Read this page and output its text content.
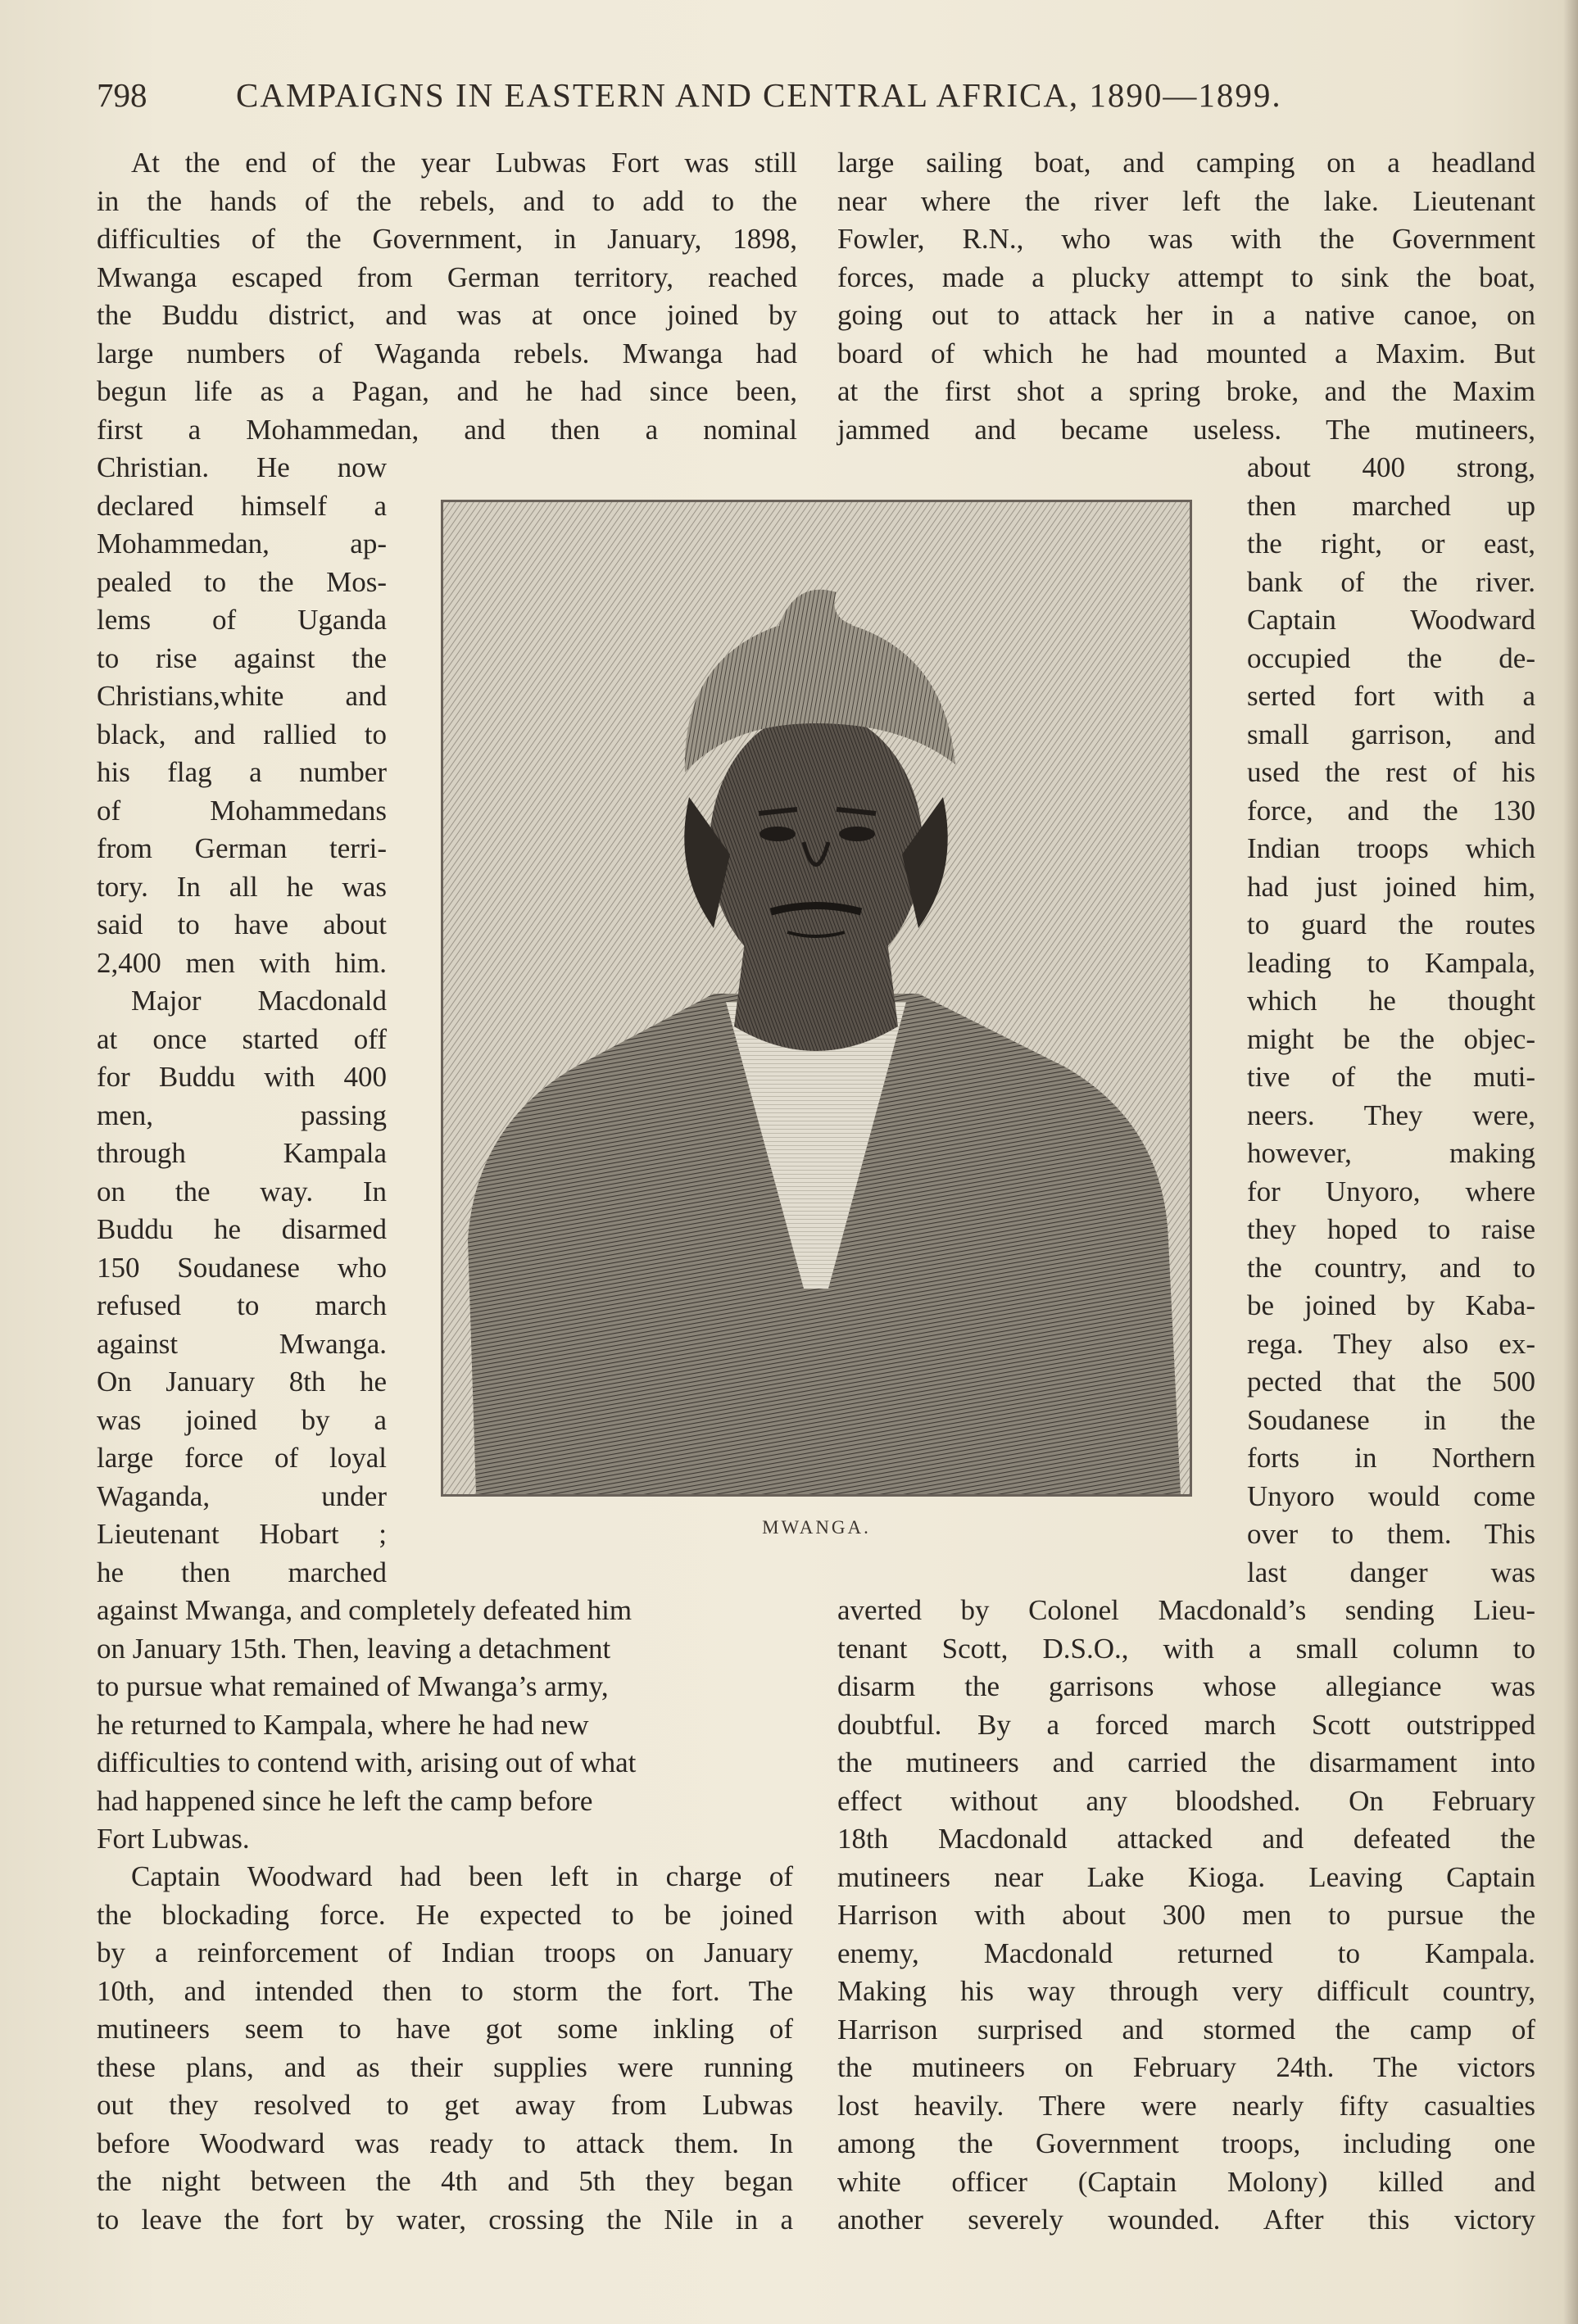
798	CAMPAIGNS IN EASTERN AND CENTRAL AFRICA, 1890—1899.

At the end of the year Lubwas Fort was still
in the hands of the rebels, and to add to the
difficulties of the Government, in January, 1898,
Mwanga escaped from German territory, reached
the Buddu district, and was at once joined by
large numbers of Waganda rebels. Mwanga had
begun life as a Pagan, and he had since been,
first a Mohammedan, and then a nominal

Christian. He now
declared himself a
Mohammedan, ap-
pealed to the Mos-
lems of Uganda
to rise against the
Christians,white and
black, and rallied to
his flag a number
of Mohammedans
from German terri-
tory. In all he was
said to have about
2,400 men with him.

Major Macdonald
at once started off
for Buddu with 400
men, passing
through Kampala
on the way. In
Buddu he disarmed
150 Soudanese who
refused to march
against Mwanga.
On January 8th he
was joined by a
large force of loyal
Waganda, under
Lieutenant Hobart ;
he then marched

against Mwanga, and completely defeated him
on January 15th. Then, leaving a detachment
to pursue what remained of Mwanga’s army,
he returned to Kampala, where he had new
difficulties to contend with, arising out of what
had happened since he left the camp before
Fort Lubwas.

Captain Woodward had been left in charge of
the blockading force. He expected to be joined
by a reinforcement of Indian troops on January
10th, and intended then to storm the fort. The
mutineers seem to have got some inkling of
these plans, and as their supplies were running
out they resolved to get away from Lubwas
before Woodward was ready to attack them. In
the night between the 4th and 5th they began
to leave the fort by water, crossing the Nile in a

large sailing boat, and camping on a headland
near where the river left the lake. Lieutenant
Fowler, R.N., who was with the Government
forces, made a plucky attempt to sink the boat,
going out to attack her in a native canoe, on
board of which he had mounted a Maxim. But
at the first shot a spring broke, and the Maxim
jammed and became useless. The mutineers,

about 400 strong,
then marched up
the right, or east,
bank of the river.
Captain Woodward
occupied the de-
serted fort with a
small garrison, and
used the rest of his
force, and the 130
Indian troops which
had just joined him,
to guard the routes
leading to Kampala,
which he thought
might be the objec-
tive of the muti-
neers. They were,
however, making
for Unyoro, where
they hoped to raise
the country, and to
be joined by Kaba-
rega. They also ex-
pected that the 500
Soudanese in the
forts in Northern
Unyoro would come
over to them. This
last danger was

averted by Colonel Macdonald’s sending Lieu-
tenant Scott, D.S.O., with a small column to
disarm the garrisons whose allegiance was
doubtful. By a forced march Scott outstripped
the mutineers and carried the disarmament into
effect without any bloodshed. On February
18th Macdonald attacked and defeated the
mutineers near Lake Kioga. Leaving Captain
Harrison with about 300 men to pursue the
enemy, Macdonald returned to Kampala.
Making his way through very difficult country,
Harrison surprised and stormed the camp of
the mutineers on February 24th. The victors
lost heavily. There were nearly fifty casualties
among the Government troops, including one
white officer (Captain Molony) killed and
another severely wounded. After this victory

MWANGA.
